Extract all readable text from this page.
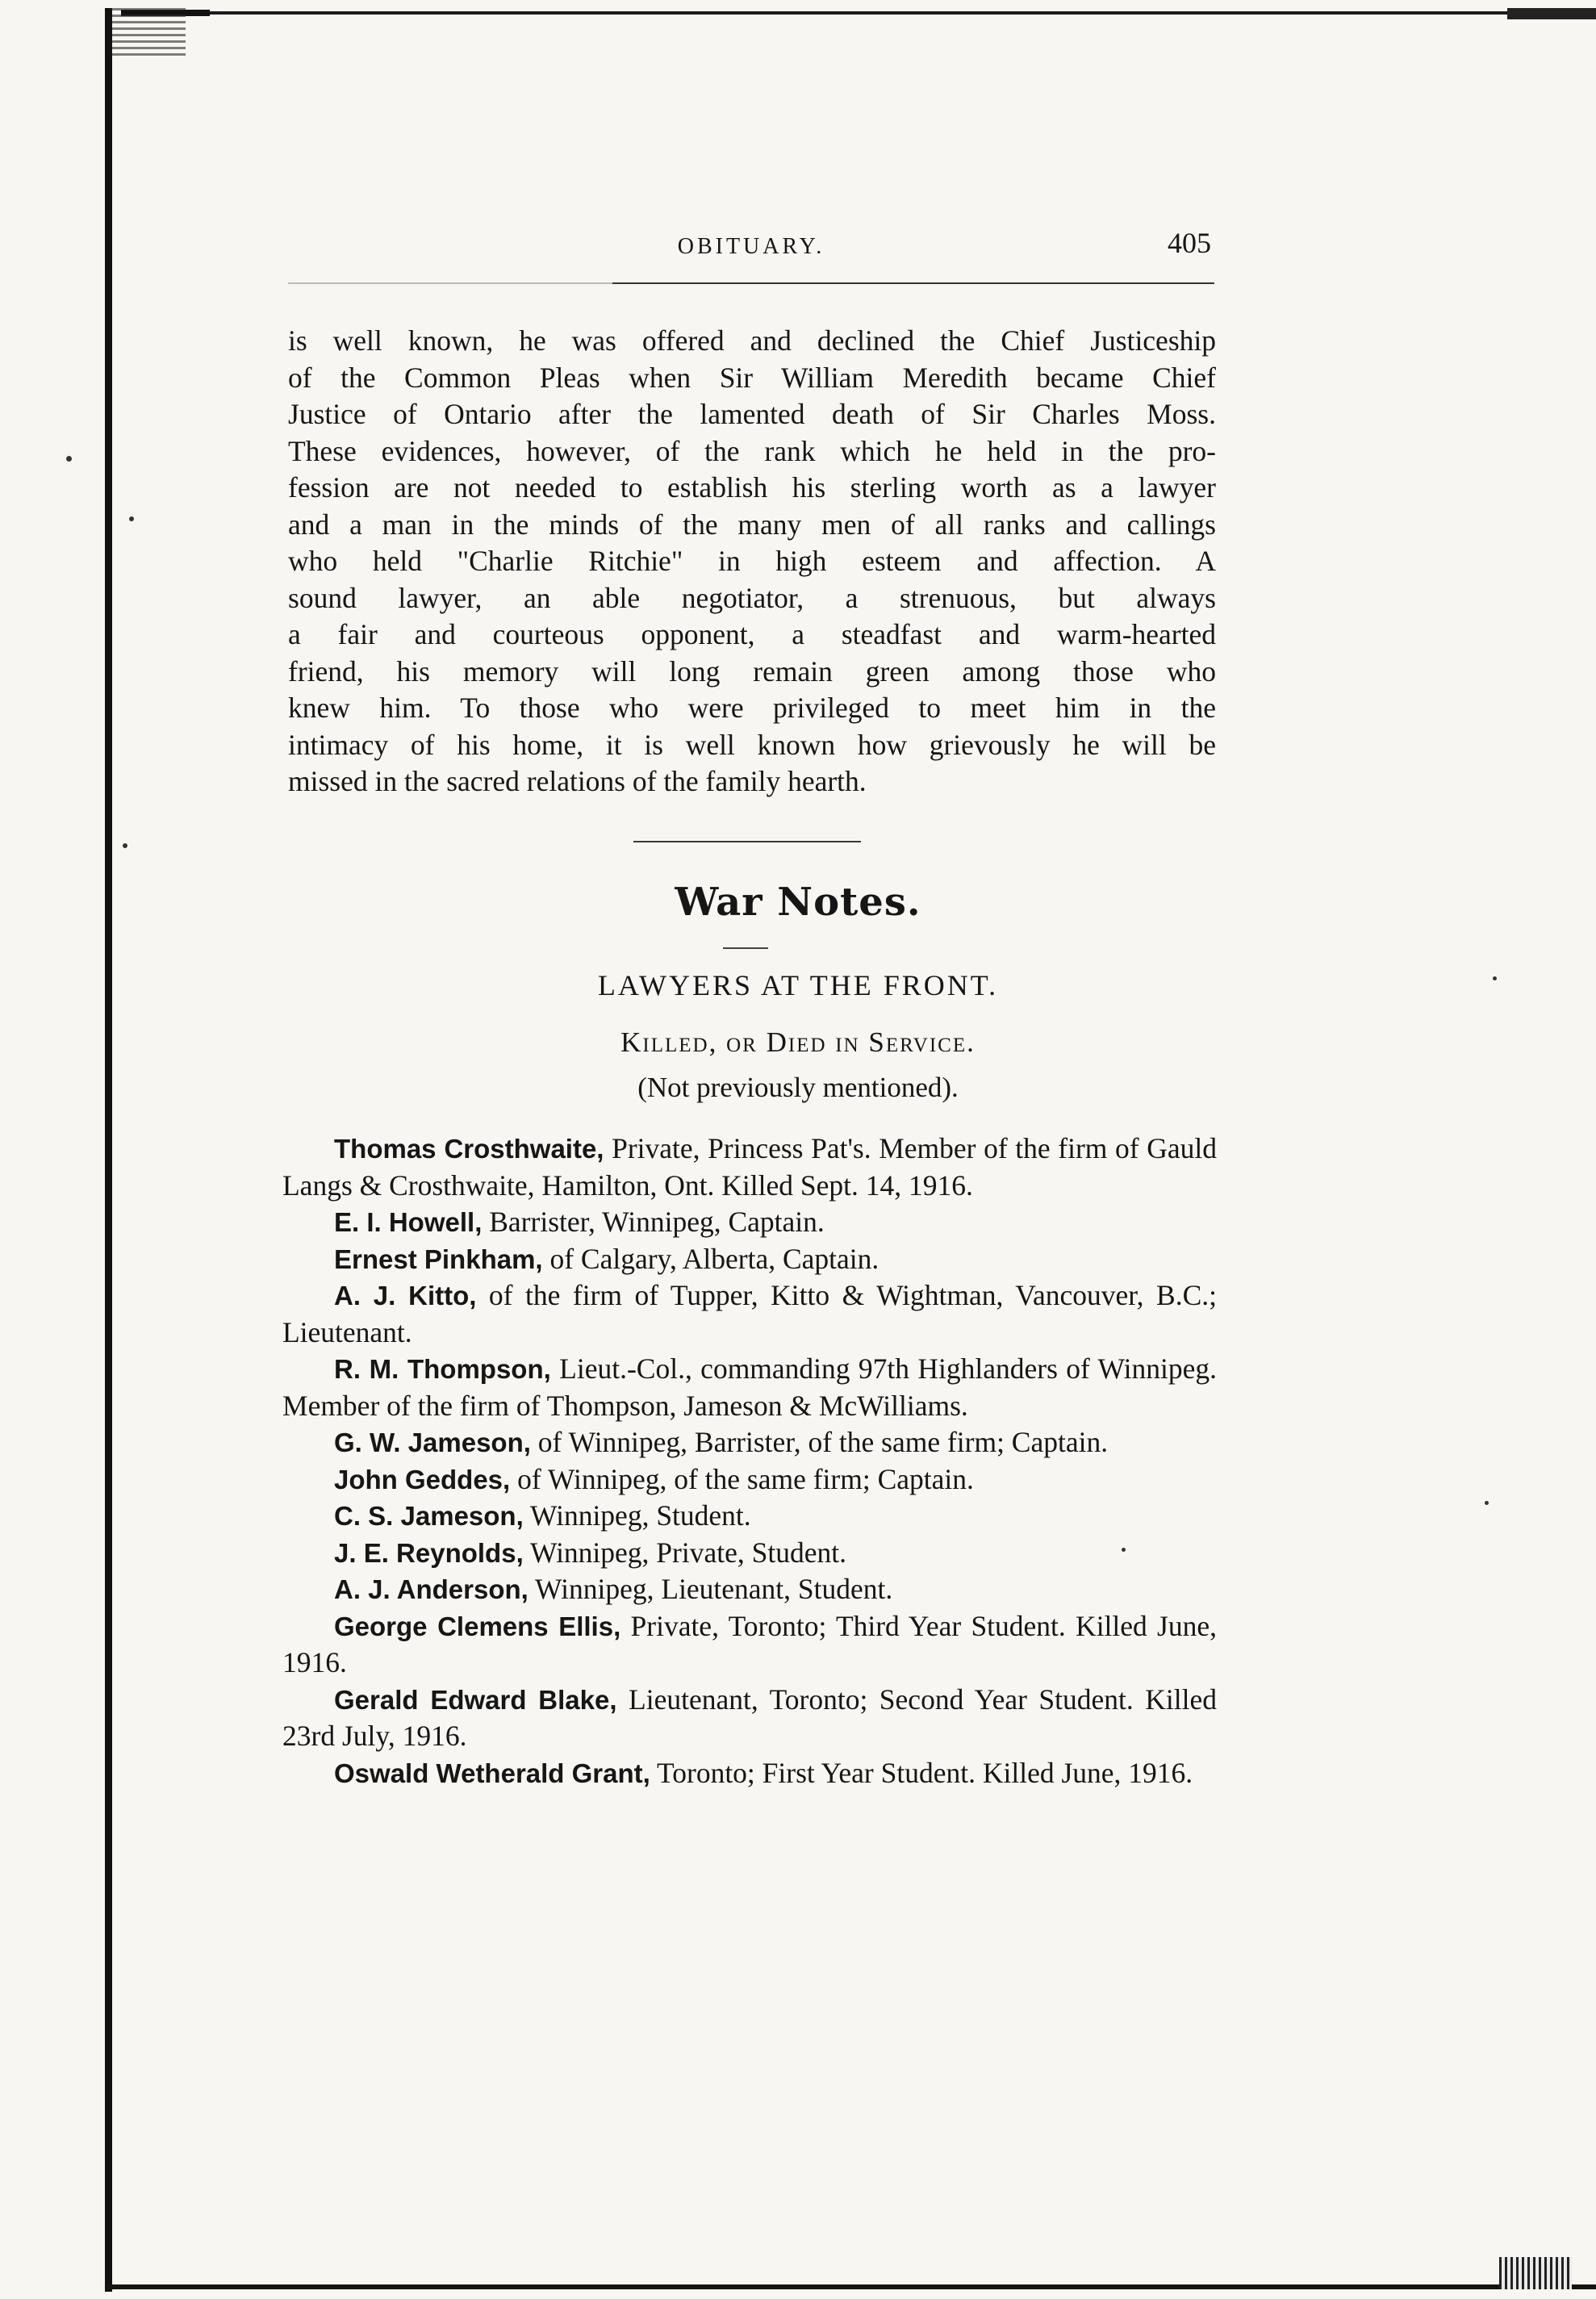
OBITUARY.	405
is well known, he was offered and declined the Chief Justiceship
of the Common Pleas when Sir William Meredith became Chief
Justice of Ontario after the lamented death of Sir Charles Moss.
These evidences, however, of the rank which he held in the pro-
fession are not needed to establish his sterling worth as a lawyer
and a man in the minds of the many men of all ranks and callings
who held "Charlie Ritchie" in high esteem and affection. A
sound lawyer, an able negotiator, a strenuous, but always
a fair and courteous opponent, a steadfast and warm-hearted
friend, his memory will long remain green among those who
knew him. To those who were privileged to meet him in the
intimacy of his home, it is well known how grievously he will be
missed in the sacred relations of the family hearth.
War Notes.
LAWYERS AT THE FRONT.
Killed, or Died in Service.
(Not previously mentioned).
Thomas Crosthwaite, Private, Princess Pat's. Member of the firm of Gauld Langs & Crosthwaite, Hamilton, Ont. Killed Sept. 14, 1916.
E. I. Howell, Barrister, Winnipeg, Captain.
Ernest Pinkham, of Calgary, Alberta, Captain.
A. J. Kitto, of the firm of Tupper, Kitto & Wightman, Vancouver, B.C.; Lieutenant.
R. M. Thompson, Lieut.-Col., commanding 97th Highlanders of Winnipeg. Member of the firm of Thompson, Jameson & McWilliams.
G. W. Jameson, of Winnipeg, Barrister, of the same firm; Captain.
John Geddes, of Winnipeg, of the same firm; Captain.
C. S. Jameson, Winnipeg, Student.
J. E. Reynolds, Winnipeg, Private, Student.
A. J. Anderson, Winnipeg, Lieutenant, Student.
George Clemens Ellis, Private, Toronto; Third Year Student. Killed June, 1916.
Gerald Edward Blake, Lieutenant, Toronto; Second Year Student. Killed 23rd July, 1916.
Oswald Wetherald Grant, Toronto; First Year Student. Killed June, 1916.
